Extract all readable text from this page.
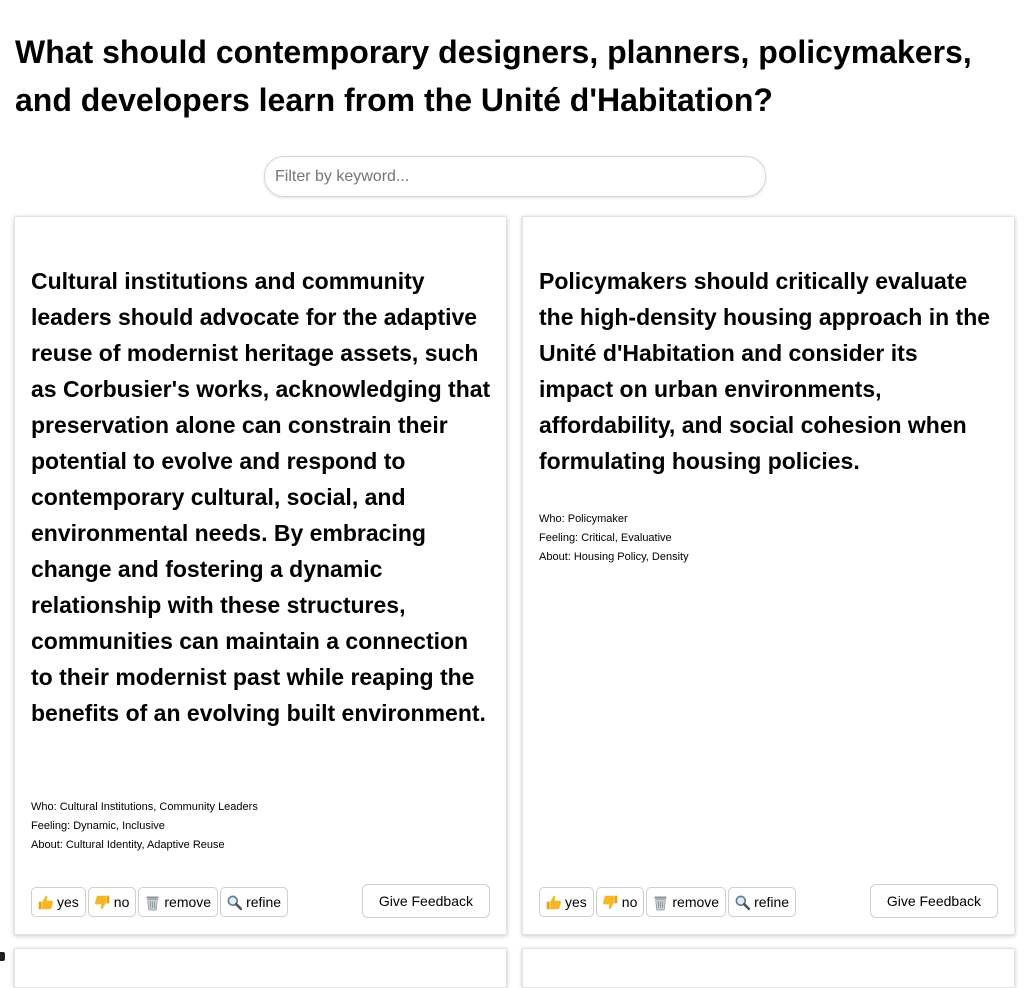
What should contemporary designers, planners, policymakers, and developers learn from the Unité d'Habitation?
Filter by keyword...

Cultural institutions and community leaders should advocate for the adaptive reuse of modernist heritage assets, such as Corbusier's works, acknowledging that preservation alone can constrain their potential to evolve and respond to contemporary cultural, social, and environmental needs. By embracing change and fostering a dynamic relationship with these structures, communities can maintain a connection to their modernist past while reaping the benefits of an evolving built environment.

Who: Cultural Institutions, Community Leaders
Feeling: Dynamic, Inclusive
About: Cultural Identity, Adaptive Reuse
yes	no	remove	refine	Give Feedback

Policymakers should critically evaluate the high-density housing approach in the Unité d'Habitation and consider its impact on urban environments, affordability, and social cohesion when formulating housing policies.

Who: Policymaker
Feeling: Critical, Evaluative
About: Housing Policy, Density
yes	no	remove	refine	Give Feedback
